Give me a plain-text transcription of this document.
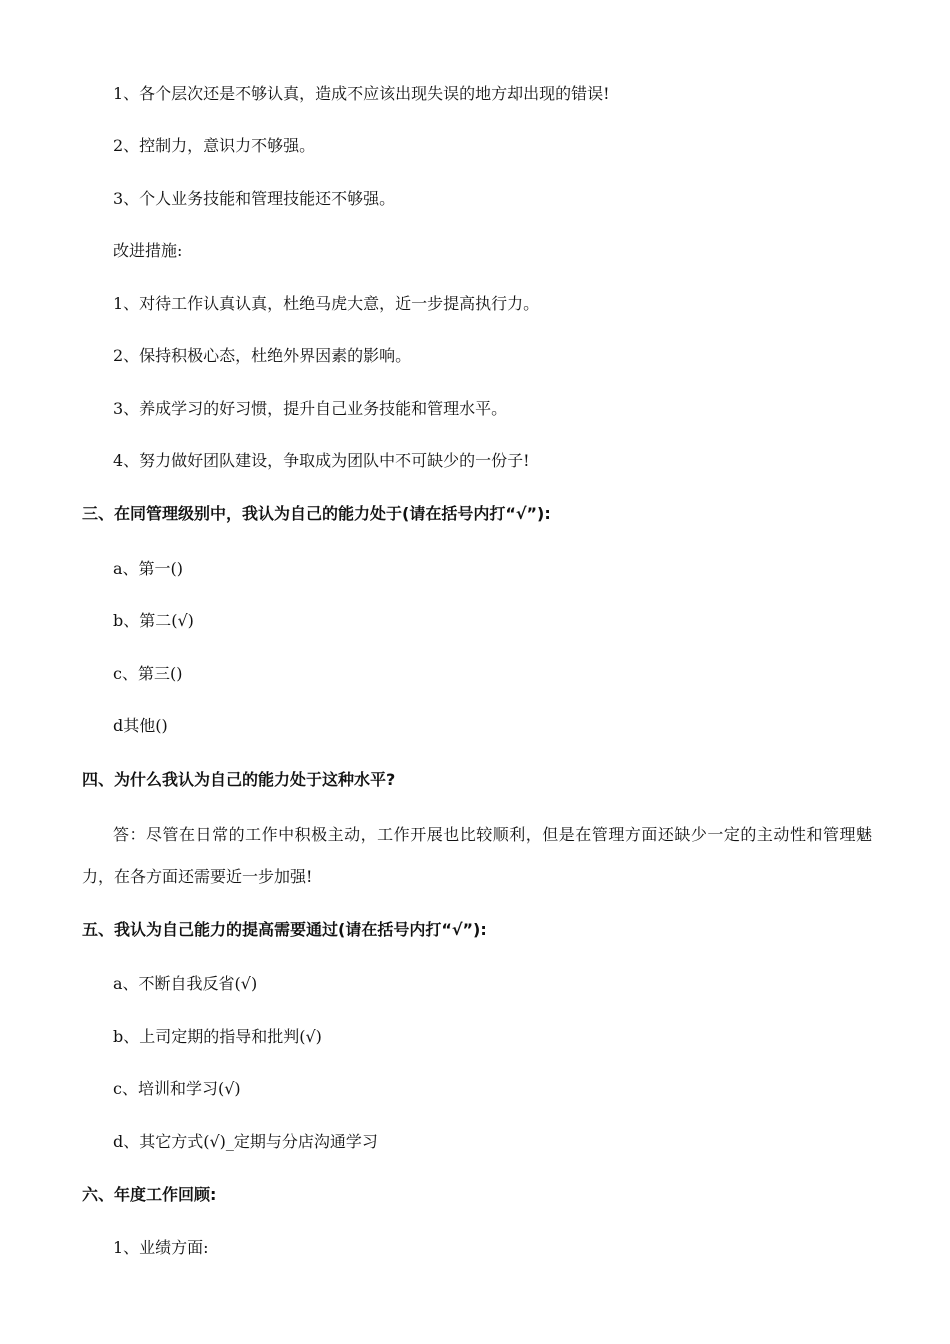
1、各个层次还是不够认真，造成不应该出现失误的地方却出现的错误!
2、控制力，意识力不够强。
3、个人业务技能和管理技能还不够强。
改进措施:
1、对待工作认真认真，杜绝马虎大意，近一步提高执行力。
2、保持积极心态，杜绝外界因素的影响。
3、养成学习的好习惯，提升自己业务技能和管理水平。
4、努力做好团队建设，争取成为团队中不可缺少的一份子!
三、在同管理级别中，我认为自己的能力处于(请在括号内打“√”):
a、第一()
b、第二(√)
c、第三()
d其他()
四、为什么我认为自己的能力处于这种水平?
答：尽管在日常的工作中积极主动，工作开展也比较顺利，但是在管理方面还缺少一定的主动性和管理魅力，在各方面还需要近一步加强!
五、我认为自己能力的提高需要通过(请在括号内打“√”):
a、不断自我反省(√)
b、上司定期的指导和批判(√)
c、培训和学习(√)
d、其它方式(√)_定期与分店沟通学习
六、年度工作回顾:
1、业绩方面:
